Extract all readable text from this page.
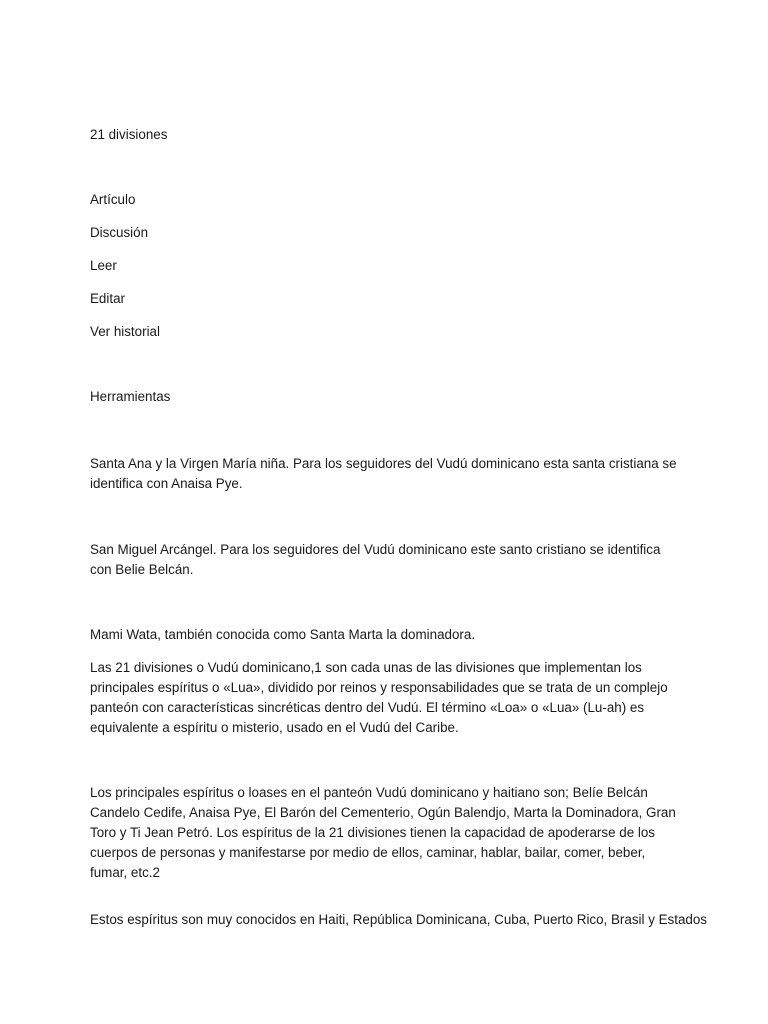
21 divisiones

Artículo

Discusión

Leer

Editar

Ver historial

Herramientas

Santa Ana y la Virgen María niña. Para los seguidores del Vudú dominicano esta santa cristiana se identifica con Anaisa Pye.

San Miguel Arcángel. Para los seguidores del Vudú dominicano este santo cristiano se identifica con Belie Belcán.

Mami Wata, también conocida como Santa Marta la dominadora.

Las 21 divisiones o Vudú dominicano,1 son cada unas de las divisiones que implementan los principales espíritus o «Lua», dividido por reinos y responsabilidades que se trata de un complejo panteón con características sincréticas dentro del Vudú. El término «Loa» o «Lua» (Lu-ah) es equivalente a espíritu o misterio, usado en el Vudú del Caribe.

Los principales espíritus o loases en el panteón Vudú dominicano y haitiano son; Belíe Belcán Candelo Cedife, Anaisa Pye, El Barón del Cementerio, Ogún Balendjo, Marta la Dominadora, Gran Toro y Ti Jean Petró. Los espíritus de la 21 divisiones tienen la capacidad de apoderarse de los cuerpos de personas y manifestarse por medio de ellos, caminar, hablar, bailar, comer, beber, fumar, etc.2

Estos espíritus son muy conocidos en Haiti, República Dominicana, Cuba, Puerto Rico, Brasil y Estados
